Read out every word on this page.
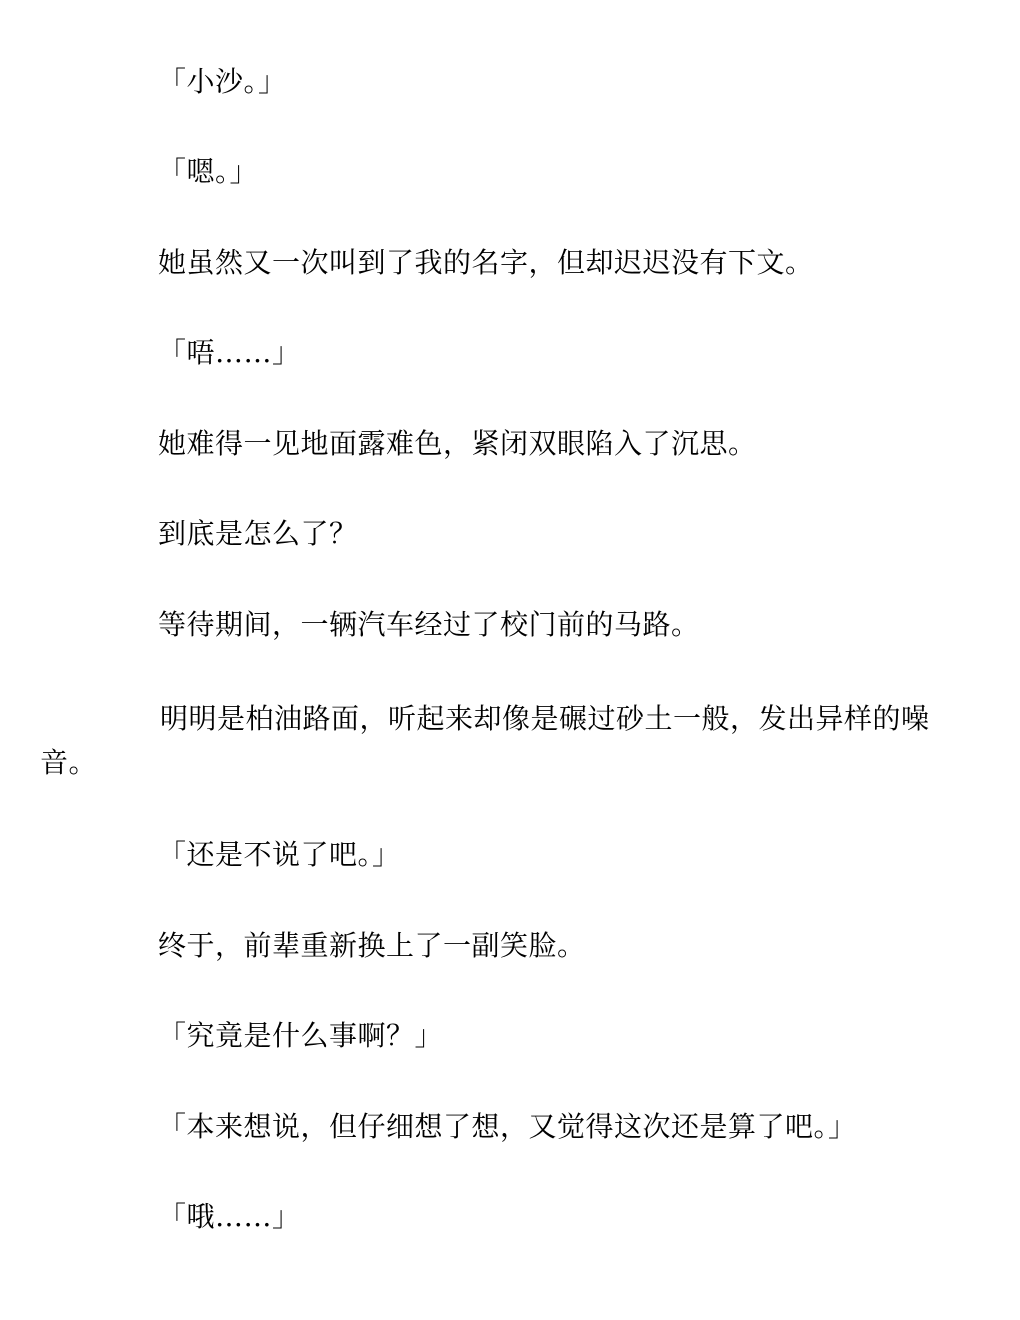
「小沙。」

「嗯。」

她虽然又一次叫到了我的名字，但却迟迟没有下文。

「唔……」

她难得一见地面露难色，紧闭双眼陷入了沉思。

到底是怎么了？

等待期间，一辆汽车经过了校门前的马路。

明明是柏油路面，听起来却像是碾过砂土一般，发出异样的噪
音。

「还是不说了吧。」

终于，前辈重新换上了一副笑脸。

「究竟是什么事啊？」

「本来想说，但仔细想了想，又觉得这次还是算了吧。」

「哦……」
